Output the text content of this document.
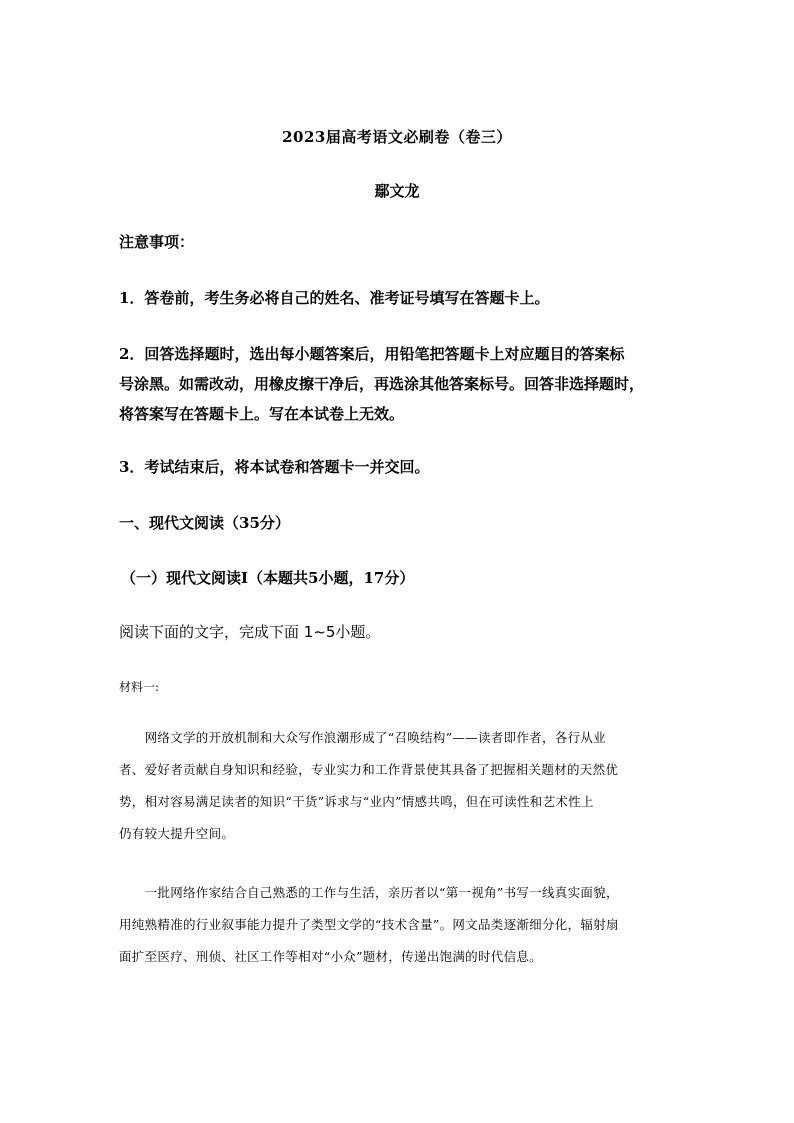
2023届高考语文必刷卷（卷三）
鄢文龙
注意事项：
1．答卷前，考生务必将自己的姓名、准考证号填写在答题卡上。
2．回答选择题时，选出每小题答案后，用铅笔把答题卡上对应题目的答案标
号涂黑。如需改动，用橡皮擦干净后，再选涂其他答案标号。回答非选择题时，
将答案写在答题卡上。写在本试卷上无效。
3．考试结束后，将本试卷和答题卡一并交回。
一、现代文阅读（35分）
（一）现代文阅读Ⅰ（本题共5小题，17分）
阅读下面的文字，完成下面 1~5小题。
材料一:
　　网络文学的开放机制和大众写作浪潮形成了“召唤结构”——读者即作者，各行从业
者、爱好者贡献自身知识和经验，专业实力和工作背景使其具备了把握相关题材的天然优
势，相对容易满足读者的知识“干货”诉求与“业内”情感共鸣，但在可读性和艺术性上
仍有较大提升空间。
　　一批网络作家结合自己熟悉的工作与生活，亲历者以“第一视角”书写一线真实面貌，
用纯熟精准的行业叙事能力提升了类型文学的“技术含量”。网文品类逐渐细分化，辐射扇
面扩至医疗、刑侦、社区工作等相对“小众”题材，传递出饱满的时代信息。
